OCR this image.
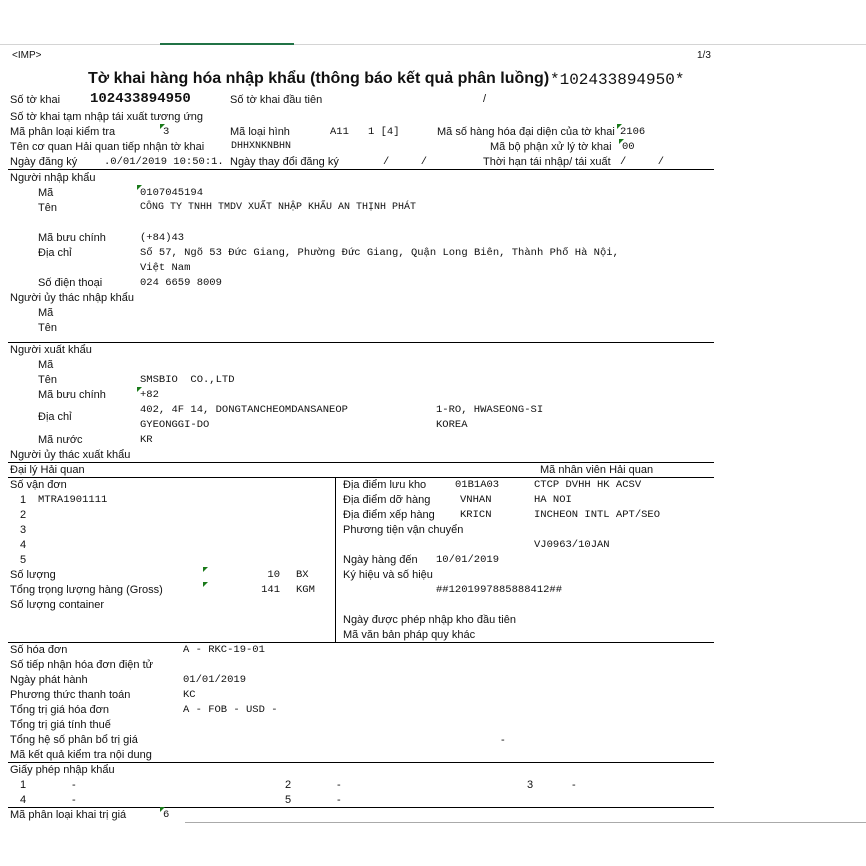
<IMP>	1/3
Tờ khai hàng hóa nhập khẩu (thông báo kết quả phân luồng) *102433894950*
Số tờ khai 102433894950	Số tờ khai đầu tiên	/
Số tờ khai tạm nhập tái xuất tương ứng
Mã phân loại kiểm tra	3	Mã loại hình	A11 1 [4]	Mã số hàng hóa đại diện của tờ khai 2106
Tên cơ quan Hải quan tiếp nhận tờ khai	DHHXNKNBHN	Mã bộ phận xử lý tờ khai 00
Ngày đăng ký	.0/01/2019 10:50:1. Ngày thay đổi đăng ký	/     /	Thời hạn tái nhập/ tái xuất /     /
Người nhập khẩu
Mã	0107045194
Tên	CÔNG TY TNHH TMDV XUẤT NHẬP KHẨU AN THỊNH PHÁT
Mã bưu chính	(+84)43
Địa chỉ	Số 57, Ngõ 53 Đức Giang, Phường Đức Giang, Quận Long Biên, Thành Phố Hà Nội,
Việt Nam
Số điện thoại	024 6659 8009
Người ủy thác nhập khẩu
Mã
Tên
Người xuất khẩu
Mã
Tên	SMSBIO  CO.,LTD
Mã bưu chính	+82
Địa chỉ
402, 4F 14, DONGTANCHEOMDANSANEOP	1-RO, HWASEONG-SI
GYEONGGI-DO	KOREA
Mã nước	KR
Người ủy thác xuất khẩu
Đại lý Hải quan	Mã nhân viên Hải quan
Số vận đơn
1 MTRA1901111
2
3
4
5
Số lượng	10 BX
Tổng trọng lượng hàng (Gross)	141 KGM
Số lượng container
Địa điểm lưu kho	01B1A03	CTCP DVHH HK ACSV
Địa điểm dỡ hàng	VNHAN	HA NOI
Địa điểm xếp hàng KRICN	INCHEON INTL APT/SEO
Phương tiện vận chuyển
VJ0963/10JAN
Ngày hàng đến 10/01/2019
Ký hiệu và số hiệu
##1201997885888412##
Ngày được phép nhập kho đầu tiên
Mã văn bản pháp quy khác
Số hóa đơn	A - RKC-19-01
Số tiếp nhận hóa đơn điện tử
Ngày phát hành	01/01/2019
Phương thức thanh toán	KC
Tổng trị giá hóa đơn	A - FOB - USD -
Tổng trị giá tính thuế
Tổng hệ số phân bổ trị giá	-
Mã kết quả kiểm tra nội dung
Giấy phép nhập khẩu
1	-	2	-	3	-
4	-	5	-
Mã phân loại khai trị giá	6
